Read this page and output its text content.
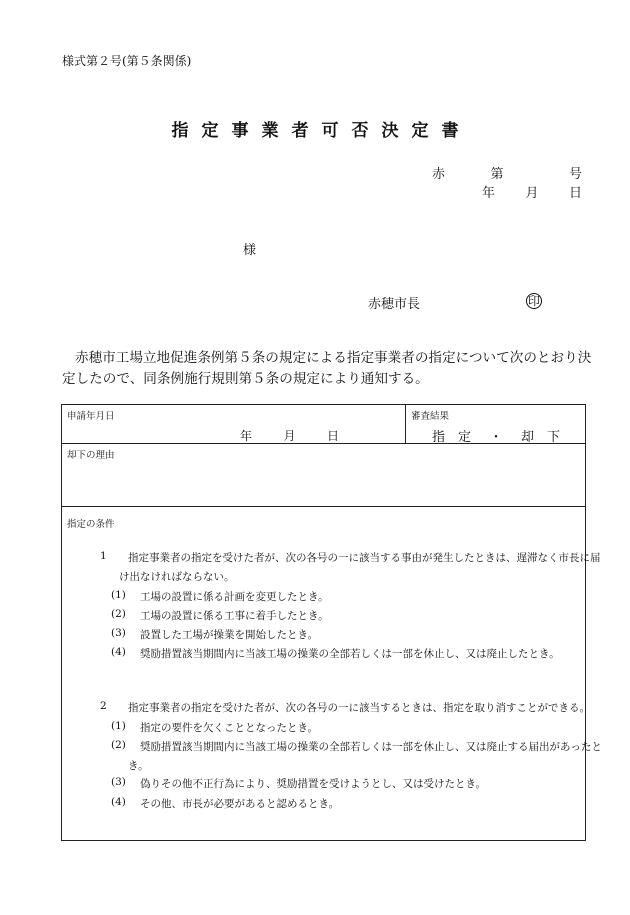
様式第２号(第５条関係)
指定事業者可否決定書
赤	第	号
年 月 日
様
赤穂市長	印
赤穂市工場立地促進条例第５条の規定による指定事業者の指定について次のとおり決定したので、同条例施行規則第５条の規定により通知する。
申請年月日
年	月	日
審査結果
指　定 ・ 却　下
却下の理由
指定の条件
1 指定事業者の指定を受けた者が、次の各号の一に該当する事由が発生したときは、遅滞なく市長に届
け出なければならない。
(1) 工場の設置に係る計画を変更したとき。
(2) 工場の設置に係る工事に着手したとき。
(3) 設置した工場が操業を開始したとき。
(4) 奨励措置該当期間内に当該工場の操業の全部若しくは一部を休止し、又は廃止したとき。
2 指定事業者の指定を受けた者が、次の各号の一に該当するときは、指定を取り消すことができる。
(1) 指定の要件を欠くこととなったとき。
(2) 奨励措置該当期間内に当該工場の操業の全部若しくは一部を休止し、又は廃止する届出があったと
き。
(3) 偽りその他不正行為により、奨励措置を受けようとし、又は受けたとき。
(4) その他、市長が必要があると認めるとき。
